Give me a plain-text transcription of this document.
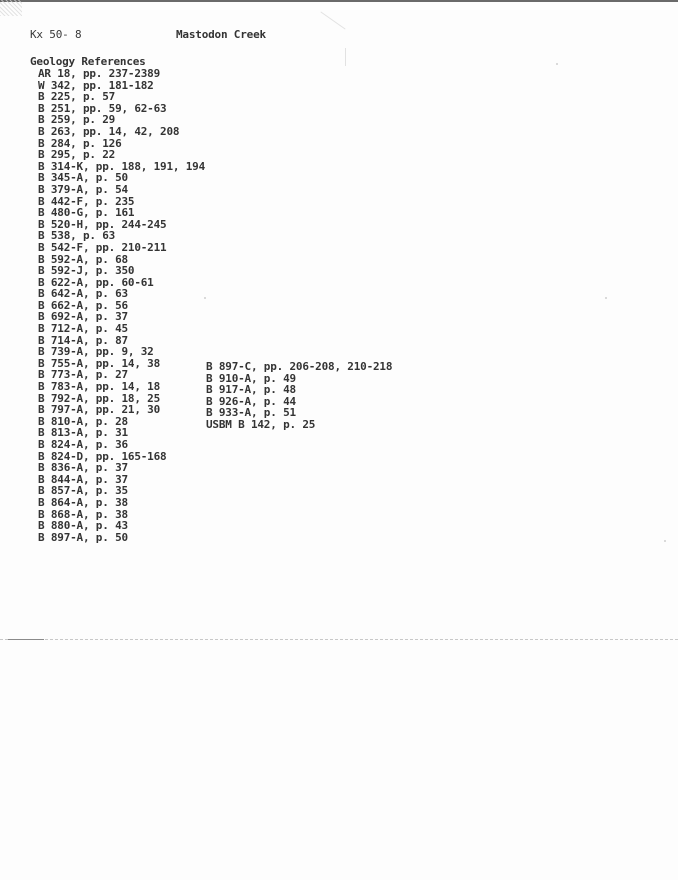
Kx 50- 8	Mastodon Creek
Geology References
AR 18, pp. 237-2389
W 342, pp. 181-182
B 225, p. 57
B 251, pp. 59, 62-63
B 259, p. 29
B 263, pp. 14, 42, 208
B 284, p. 126
B 295, p. 22
B 314-K, pp. 188, 191, 194
B 345-A, p. 50
B 379-A, p. 54
B 442-F, p. 235
B 480-G, p. 161
B 520-H, pp. 244-245
B 538, p. 63
B 542-F, pp. 210-211
B 592-A, p. 68
B 592-J, p. 350
B 622-A, pp. 60-61
B 642-A, p. 63
B 662-A, p. 56
B 692-A, p. 37
B 712-A, p. 45
B 714-A, p. 87
B 739-A, pp. 9, 32
B 755-A, pp. 14, 38
B 773-A, p. 27
B 783-A, pp. 14, 18
B 792-A, pp. 18, 25
B 797-A, pp. 21, 30
B 810-A, p. 28
B 813-A, p. 31
B 824-A, p. 36
B 824-D, pp. 165-168
B 836-A, p. 37
B 844-A, p. 37
B 857-A, p. 35
B 864-A, p. 38
B 868-A, p. 38
B 880-A, p. 43
B 897-A, p. 50
B 897-C, pp. 206-208, 210-218
B 910-A, p. 49
B 917-A, p. 48
B 926-A, p. 44
B 933-A, p. 51
USBM B 142, p. 25
